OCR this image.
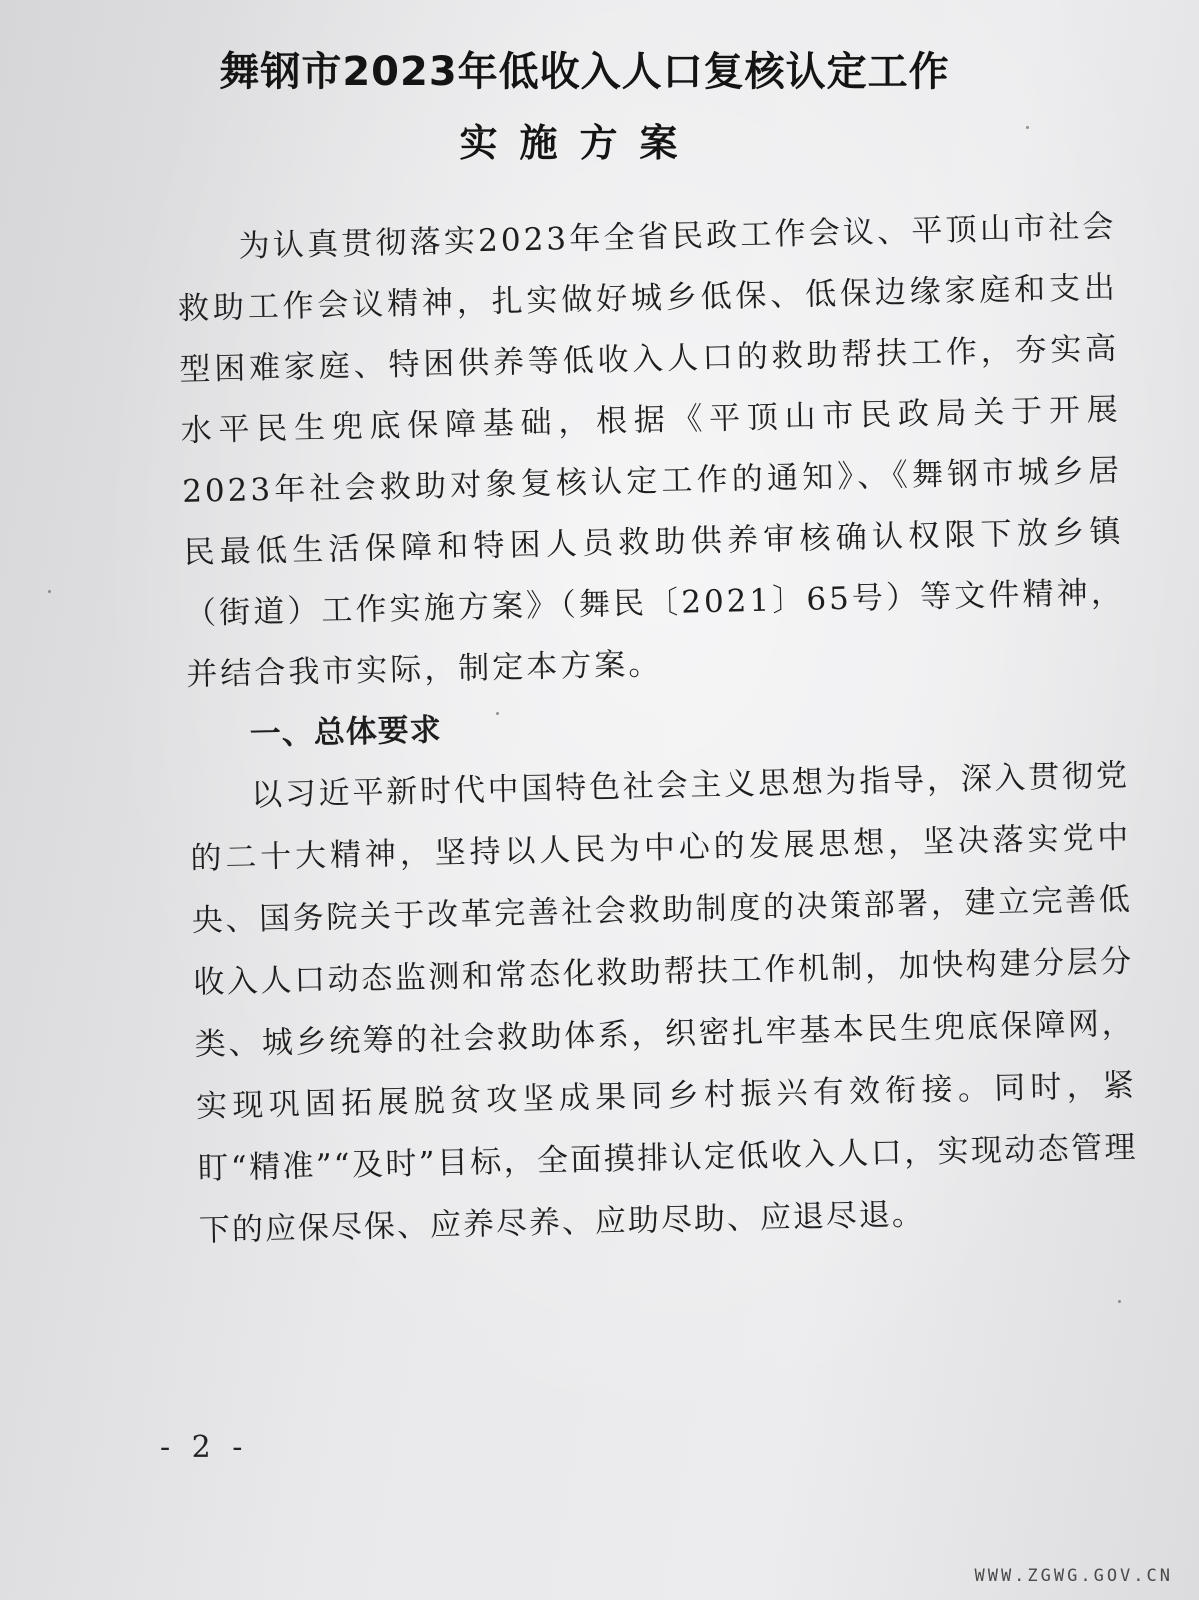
舞钢市2023年低收入人口复核认定工作
实施方案

为认真贯彻落实2023年全省民政工作会议、平顶山市社会救助工作会议精神，扎实做好城乡低保、低保边缘家庭和支出型困难家庭、特困供养等低收入人口的救助帮扶工作，夯实高水平民生兜底保障基础，根据《平顶山市民政局关于开展2023年社会救助对象复核认定工作的通知》、《舞钢市城乡居民最低生活保障和特困人员救助供养审核确认权限下放乡镇（街道）工作实施方案》（舞民〔2021〕65号）等文件精神，并结合我市实际，制定本方案。

一、总体要求

以习近平新时代中国特色社会主义思想为指导，深入贯彻党的二十大精神，坚持以人民为中心的发展思想，坚决落实党中央、国务院关于改革完善社会救助制度的决策部署，建立完善低收入人口动态监测和常态化救助帮扶工作机制，加快构建分层分类、城乡统筹的社会救助体系，织密扎牢基本民生兜底保障网，实现巩固拓展脱贫攻坚成果同乡村振兴有效衔接。同时，紧盯“精准”“及时”目标，全面摸排认定低收入人口，实现动态管理下的应保尽保、应养尽养、应助尽助、应退尽退。

- 2 -
WWW.ZGWG.GOV.CN
